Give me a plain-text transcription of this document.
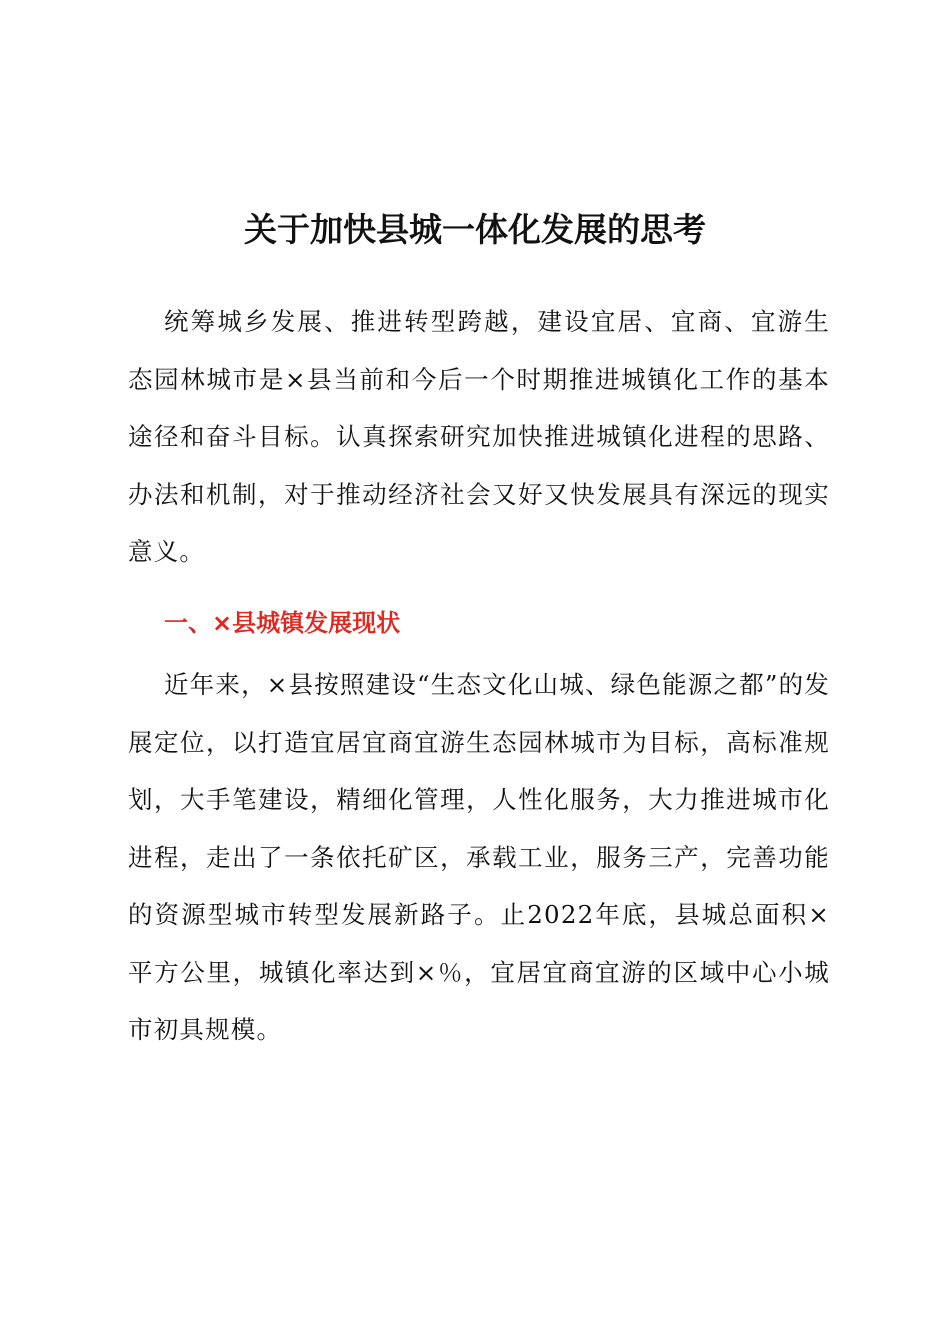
关于加快县城一体化发展的思考

统筹城乡发展、推进转型跨越，建设宜居、宜商、宜游生态园林城市是×县当前和今后一个时期推进城镇化工作的基本途径和奋斗目标。认真探索研究加快推进城镇化进程的思路、办法和机制，对于推动经济社会又好又快发展具有深远的现实意义。

一、×县城镇发展现状

近年来，×县按照建设“生态文化山城、绿色能源之都”的发展定位，以打造宜居宜商宜游生态园林城市为目标，高标准规划，大手笔建设，精细化管理，人性化服务，大力推进城市化进程，走出了一条依托矿区，承载工业，服务三产，完善功能的资源型城市转型发展新路子。止2022年底，县城总面积×平方公里，城镇化率达到×％，宜居宜商宜游的区域中心小城市初具规模。
